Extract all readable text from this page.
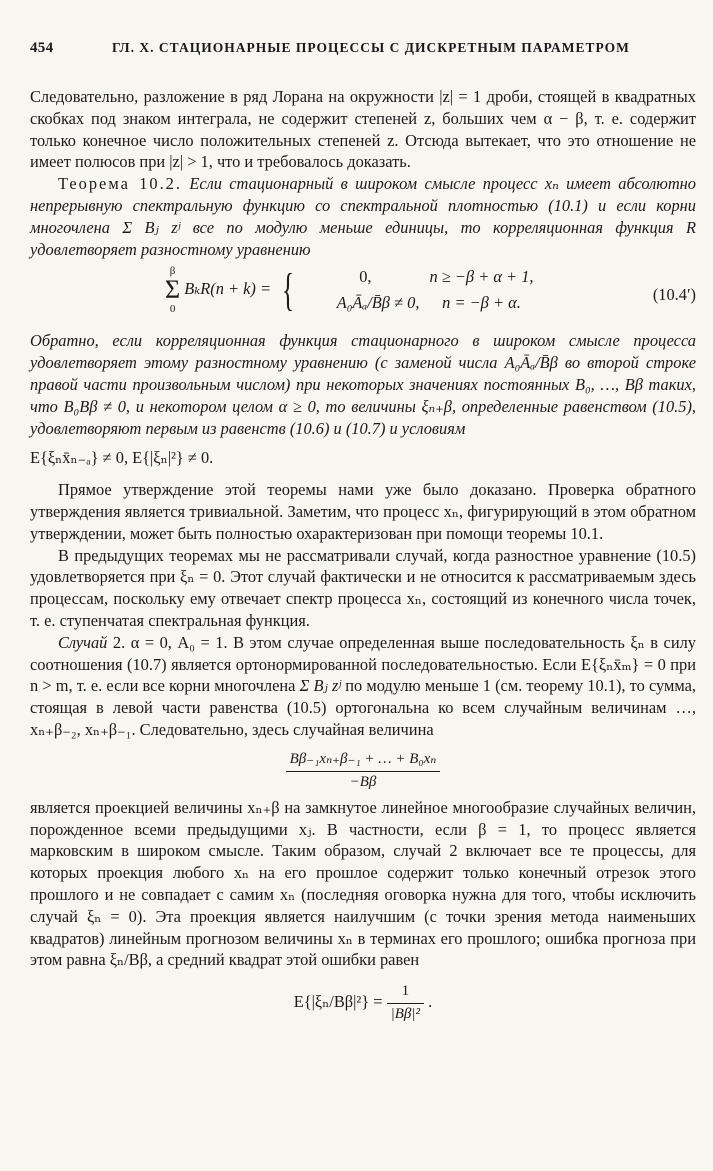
454	ГЛ. X. СТАЦИОНАРНЫЕ ПРОЦЕССЫ С ДИСКРЕТНЫМ ПАРАМЕТРОМ

Следовательно, разложение в ряд Лорана на окружности |z| = 1 дроби, стоящей в квадратных скобках под знаком интеграла, не содержит степеней z, больших чем α − β, т. е. содержит только конечное число положительных степеней z. Отсюда вытекает, что это отношение не имеет полюсов при |z| > 1, что и требовалось доказать.

Теорема 10.2. Если стационарный в широком смысле процесс xₙ имеет абсолютно непрерывную спектральную функцию со спектральной плотностью (10.1) и если корни многочлена Σ Bⱼ zʲ все по модулю меньше единицы, то корреляционная функция R удовлетворяет разностному уравнению

β
Σ
0
BₖR(n + k) = {	0,	n ≥ −β + α + 1,
A₀Āₐ/B̄β ≠ 0, n = −β + α.	(10.4′)

Обратно, если корреляционная функция стационарного в широком смысле процесса удовлетворяет этому разностному уравнению (с заменой числа A₀Āₐ/B̄β во второй строке правой части произвольным числом) при некоторых значениях постоянных B₀, …, Bβ таких, что B₀Bβ ≠ 0, и некотором целом α ≥ 0, то величины ξₙ₊β, определенные равенством (10.5), удовлетворяют первым из равенств (10.6) и (10.7) и условиям

E{ξₙx̄ₙ₋ₐ} ≠ 0, E{|ξₙ|²} ≠ 0.

Прямое утверждение этой теоремы нами уже было доказано. Проверка обратного утверждения является тривиальной. Заметим, что процесс xₙ, фигурирующий в этом обратном утверждении, может быть полностью охарактеризован при помощи теоремы 10.1.

В предыдущих теоремах мы не рассматривали случай, когда разностное уравнение (10.5) удовлетворяется при ξₙ = 0. Этот случай фактически и не относится к рассматриваемым здесь процессам, поскольку ему отвечает спектр процесса xₙ, состоящий из конечного числа точек, т. е. ступенчатая спектральная функция.

Случай 2. α = 0, A₀ = 1. В этом случае определенная выше последовательность ξₙ в силу соотношения (10.7) является ортонормированной последовательностью. Если E{ξₙx̄ₘ} = 0 при n > m, т. е. если все корни многочлена Σ Bⱼ zʲ по модулю меньше 1 (см. теорему 10.1), то сумма, стоящая в левой части равенства (10.5) ортогональна ко всем случайным величинам …, xₙ₊β₋₂, xₙ₊β₋₁. Следовательно, здесь случайная величина

$\frac{\text{Bβ₋₁xₙ₊β₋₁ + … + B₀xₙ}}{-B\beta}$

является проекцией величины xₙ₊β на замкнутое линейное многообразие случайных величин, порожденное всеми предыдущими xⱼ. В частности, если β = 1, то процесс является марковским в широком смысле. Таким образом, случай 2 включает все те процессы, для которых проекция любого xₙ на его прошлое содержит только конечный отрезок этого прошлого и не совпадает с самим xₙ (последняя оговорка нужна для того, чтобы исключить случай ξₙ = 0). Эта проекция является наилучшим (с точки зрения метода наименьших квадратов) линейным прогнозом величины xₙ в терминах его прошлого; ошибка прогноза при этом равна ξₙ/Bβ, а средний квадрат этой ошибки равен

$E\{|\xi_n/B\beta|^2\} = \frac{1}{\text{|Bβ|²}}$ .
